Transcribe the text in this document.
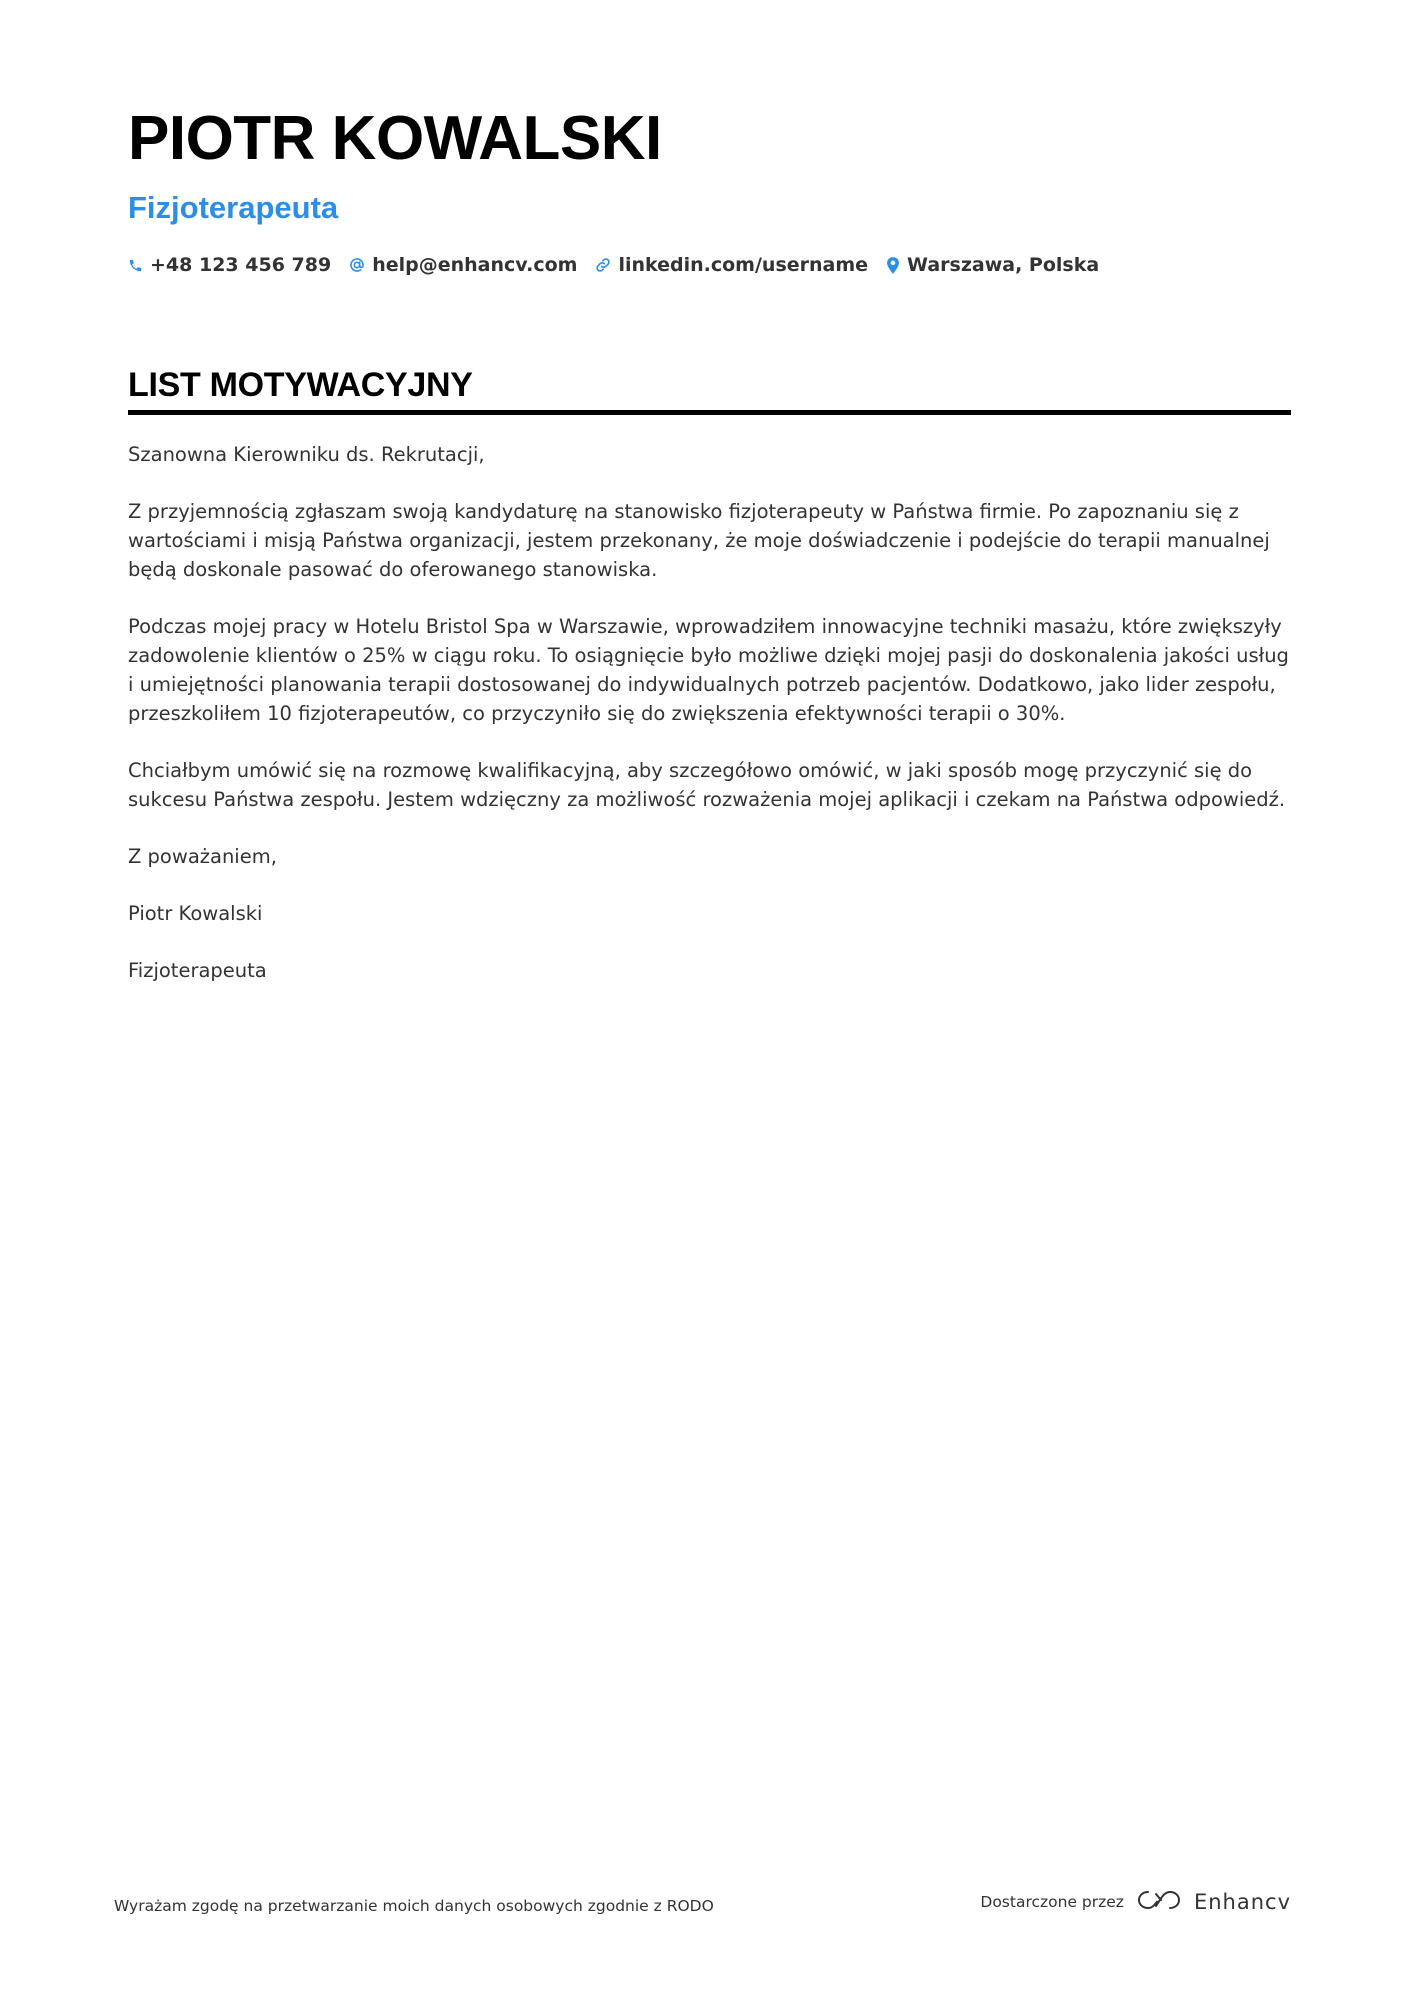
PIOTR KOWALSKI
Fizjoterapeuta
+48 123 456 789 help@enhancv.com linkedin.com/username Warszawa, Polska
LIST MOTYWACYJNY

Szanowna Kierowniku ds. Rekrutacji,

Z przyjemnością zgłaszam swoją kandydaturę na stanowisko fizjoterapeuty w Państwa firmie. Po zapoznaniu się z wartościami i misją Państwa organizacji, jestem przekonany, że moje doświadczenie i podejście do terapii manualnej będą doskonale pasować do oferowanego stanowiska.

Podczas mojej pracy w Hotelu Bristol Spa w Warszawie, wprowadziłem innowacyjne techniki masażu, które zwiększyły zadowolenie klientów o 25% w ciągu roku. To osiągnięcie było możliwe dzięki mojej pasji do doskonalenia jakości usług i umiejętności planowania terapii dostosowanej do indywidualnych potrzeb pacjentów. Dodatkowo, jako lider zespołu, przeszkoliłem 10 fizjoterapeutów, co przyczyniło się do zwiększenia efektywności terapii o 30%.

Chciałbym umówić się na rozmowę kwalifikacyjną, aby szczegółowo omówić, w jaki sposób mogę przyczynić się do sukcesu Państwa zespołu. Jestem wdzięczny za możliwość rozważenia mojej aplikacji i czekam na Państwa odpowiedź.

Z poważaniem,

Piotr Kowalski

Fizjoterapeuta

Wyrażam zgodę na przetwarzanie moich danych osobowych zgodnie z RODO	Dostarczone przez	Enhancv
